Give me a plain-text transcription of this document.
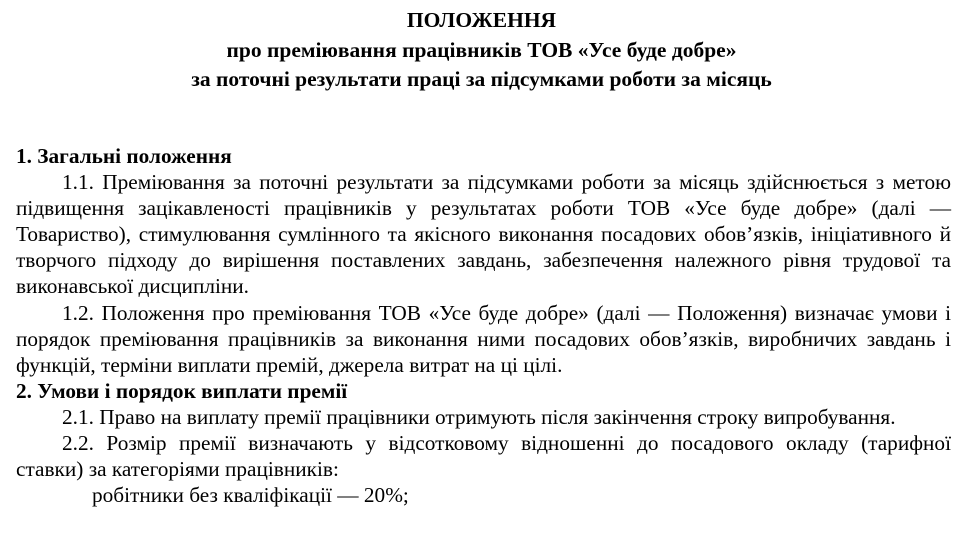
ПОЛОЖЕННЯ
про преміювання працівників ТОВ «Усе буде добре»
за поточні результати праці за підсумками роботи за місяць
1. Загальні положення
1.1. Преміювання за поточні результати за підсумками роботи за місяць здійснюється з метою підвищення зацікавленості працівників у результатах роботи ТОВ «Усе буде добре» (далі — Товариство), стимулювання сумлінного та якісного виконання посадових обов’язків, ініціативного й творчого підходу до вирішення поставлених завдань, забезпечення належного рівня трудової та виконавської дисципліни.
1.2. Положення про преміювання ТОВ «Усе буде добре» (далі — Положення) визначає умови і порядок преміювання працівників за виконання ними посадових обов’язків, виробничих завдань і функцій, терміни виплати премій, джерела витрат на ці цілі.
2. Умови і порядок виплати премії
2.1. Право на виплату премії працівники отримують після закінчення строку випробування.
2.2. Розмір премії визначають у відсотковому відношенні до посадового окладу (тарифної ставки) за категоріями працівників:
робітники без кваліфікації — 20%;
